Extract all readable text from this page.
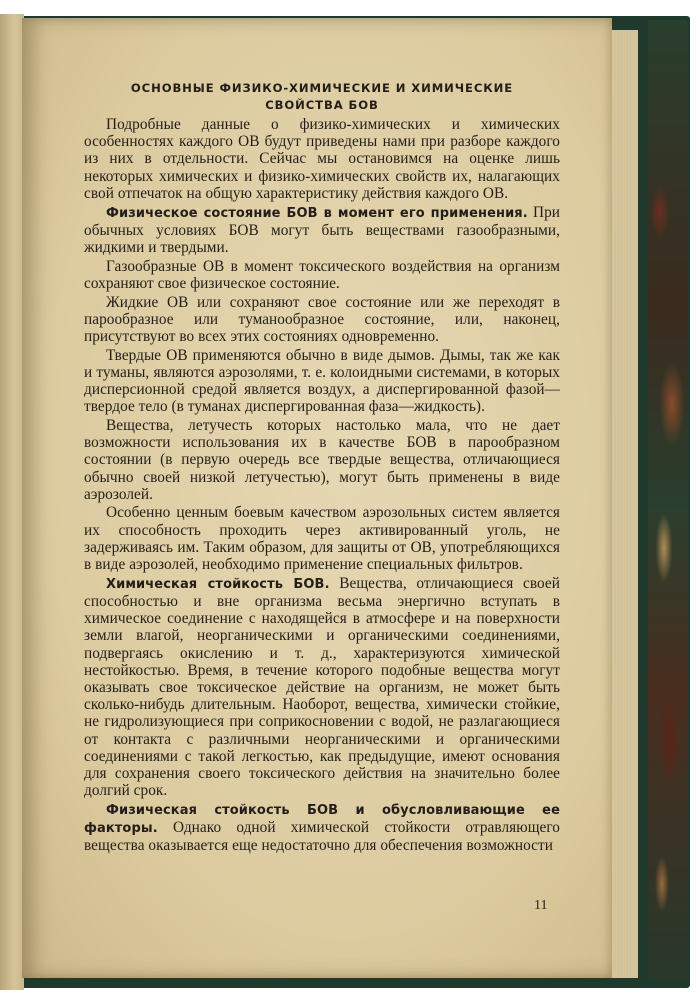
ОСНОВНЫЕ ФИЗИКО-ХИМИЧЕСКИЕ И ХИМИЧЕСКИЕ
СВОЙСТВА БОВ

Подробные данные о физико-химических и химических особенностях каждого ОВ будут приведены нами при разборе каждого из них в отдельности. Сейчас мы остановимся на оценке лишь некоторых химических и физико-химических свойств их, налагающих свой отпечаток на общую характеристику действия каждого ОВ.

Физическое состояние БОВ в момент его применения. При обычных условиях БОВ могут быть веществами газообразными, жидкими и твердыми.

Газообразные ОВ в момент токсического воздействия на организм сохраняют свое физическое состояние.

Жидкие ОВ или сохраняют свое состояние или же переходят в парообразное или туманообразное состояние, или, наконец, присутствуют во всех этих состояниях одновременно.

Твердые ОВ применяются обычно в виде дымов. Дымы, так же как и туманы, являются аэрозолями, т. е. колоидными системами, в которых дисперсионной средой является воздух, а диспергированной фазой—твердое тело (в туманах диспергированная фаза—жидкость).

Вещества, летучесть которых настолько мала, что не дает возможности использования их в качестве БОВ в парообразном состоянии (в первую очередь все твердые вещества, отличающиеся обычно своей низкой летучестью), могут быть применены в виде аэрозолей.

Особенно ценным боевым качеством аэрозольных систем является их способность проходить через активированный уголь, не задерживаясь им. Таким образом, для защиты от ОВ, употребляющихся в виде аэрозолей, необходимо применение специальных фильтров.

Химическая стойкость БОВ. Вещества, отличающиеся своей способностью и вне организма весьма энергично вступать в химическое соединение с находящейся в атмосфере и на поверхности земли влагой, неорганическими и органическими соединениями, подвергаясь окислению и т. д., характеризуются химической нестойкостью. Время, в течение которого подобные вещества могут оказывать свое токсическое действие на организм, не может быть сколько-нибудь длительным. Наоборот, вещества, химически стойкие, не гидролизующиеся при соприкосновении с водой, не разлагающиеся от контакта с различными неорганическими и органическими соединениями с такой легкостью, как предыдущие, имеют основания для сохранения своего токсического действия на значительно более долгий срок.

Физическая стойкость БОВ и обусловливающие ее факторы. Однако одной химической стойкости отравляющего вещества оказывается еще недостаточно для обеспечения возможности

11
